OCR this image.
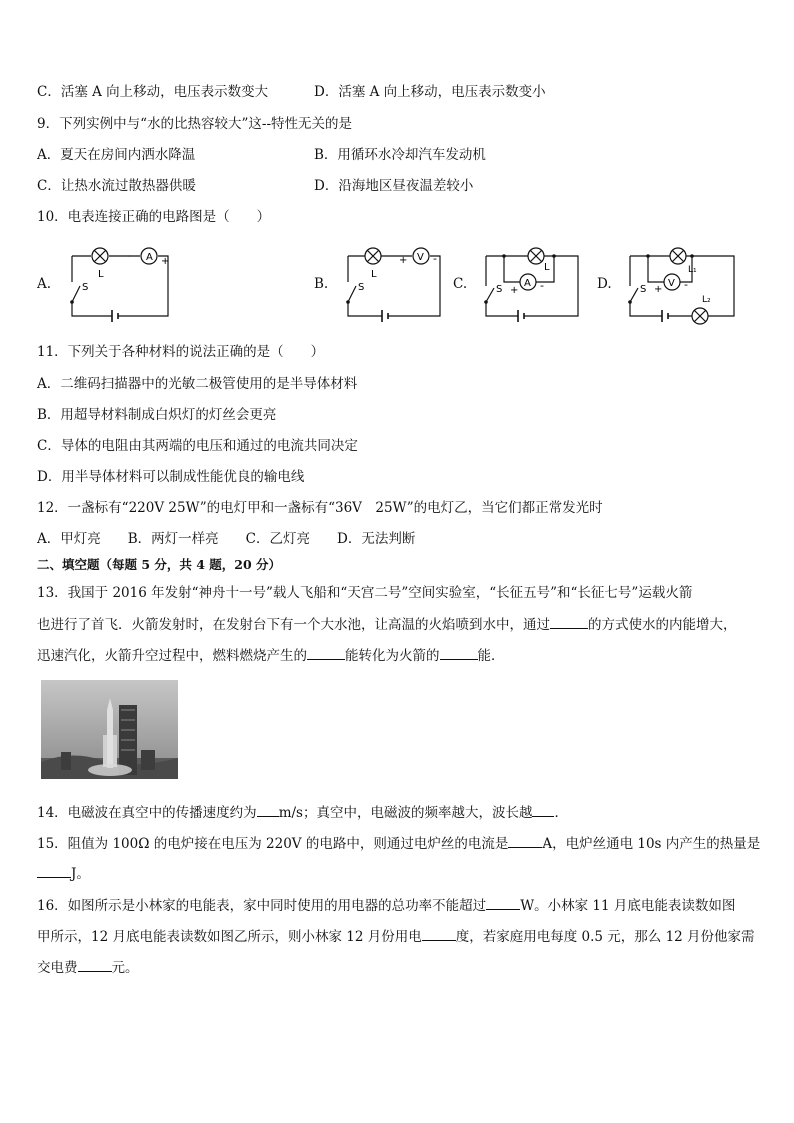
C．活塞 A 向上移动，电压表示数变大	D．活塞 A 向上移动，电压表示数变小
9．下列实例中与“水的比热容较大”这--特性无关的是
A．夏天在房间内洒水降温	B．用循环水冷却汽车发动机
C．让热水流过散热器供暖	D．沿海地区昼夜温差较小
10．电表连接正确的电路图是（　　）
A.	B.	C.	D.
A
L
S
-	+	V
L
S
+ -
A
L
S + -	V
L₁
L₂
S + -
11．下列关于各种材料的说法正确的是（　　）
A．二维码扫描器中的光敏二极管使用的是半导体材料
B．用超导材料制成白炽灯的灯丝会更亮
C．导体的电阻由其两端的电压和通过的电流共同决定
D．用半导体材料可以制成性能优良的输电线
12．一盏标有“220V 25W”的电灯甲和一盏标有“36V　25W”的电灯乙，当它们都正常发光时
A．甲灯亮　　B．两灯一样亮　　C．乙灯亮　　D．无法判断
二、填空题（每题 5 分，共 4 题，20 分）
13．我国于 2016 年发射“神舟十一号”载人飞船和“天宫二号”空间实验室，“长征五号”和“长征七号”运载火箭
也进行了首飞．火箭发射时，在发射台下有一个大水池，让高温的火焰喷到水中，通过	的方式使水的内能增大，
迅速汽化，火箭升空过程中，燃料燃烧产生的	能转化为火箭的	能．
14．电磁波在真空中的传播速度约为 m/s；真空中，电磁波的频率越大，波长越 ．
15．阻值为 100Ω 的电炉接在电压为 220V 的电路中，则通过电炉丝的电流是	A，电炉丝通电 10s 内产生的热量是
J。
16．如图所示是小林家的电能表，家中同时使用的用电器的总功率不能超过	W。小林家 11 月底电能表读数如图
甲所示，12 月底电能表读数如图乙所示，则小林家 12 月份用电	度，若家庭用电每度 0.5 元，那么 12 月份他家需
交电费	元。
